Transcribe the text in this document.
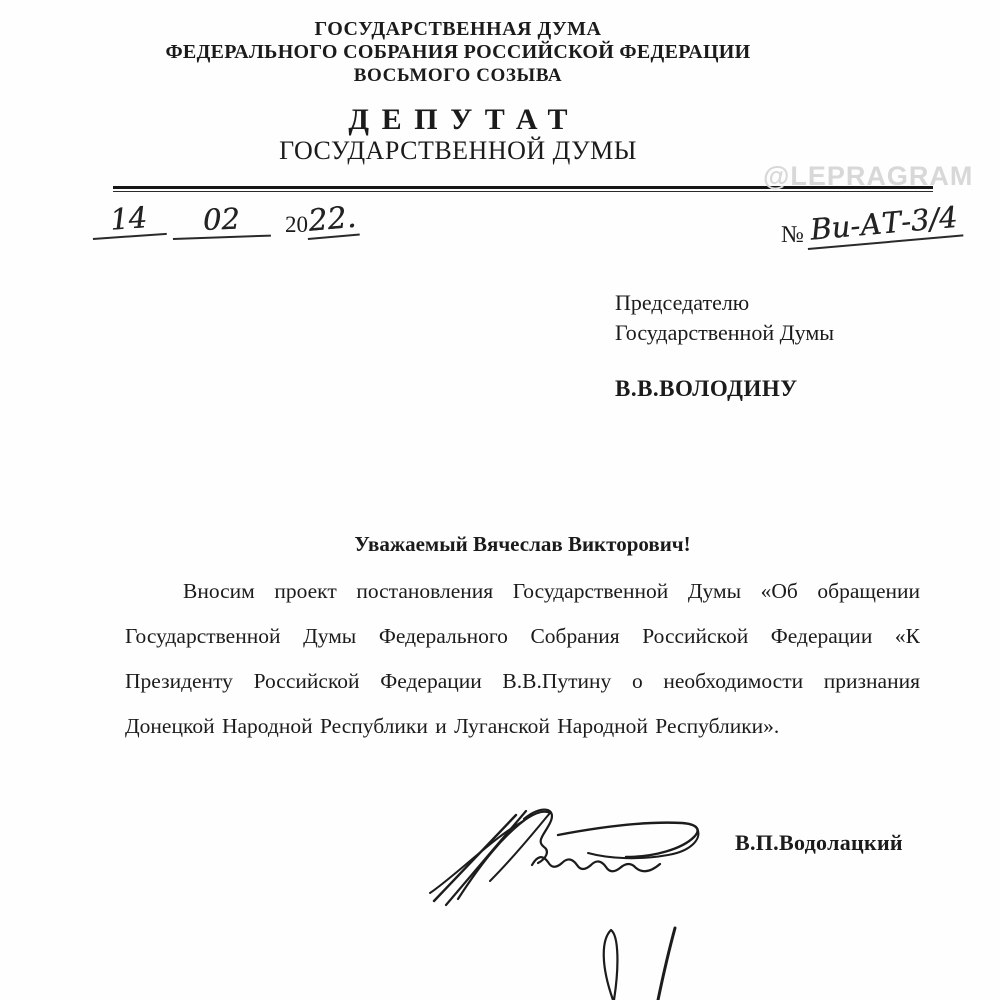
ГОСУДАРСТВЕННАЯ ДУМА
ФЕДЕРАЛЬНОГО СОБРАНИЯ РОССИЙСКОЙ ФЕДЕРАЦИИ
ВОСЬМОГО СОЗЫВА
ДЕПУТАТ
ГОСУДАРСТВЕННОЙ ДУМЫ
@LEPRAGRAM
14	02	20
22.	№ Ви-АТ-3/4
Председателю
Государственной Думы
В.В.ВОЛОДИНУ
Уважаемый Вячеслав Викторович!
Вносим проект постановления Государственной Думы «Об обращении Государственной Думы Федерального Собрания Российской Федерации «К Президенту Российской Федерации В.В.Путину о необходимости признания Донецкой Народной Республики и Луганской Народной Республики».
В.П.Водолацкий
